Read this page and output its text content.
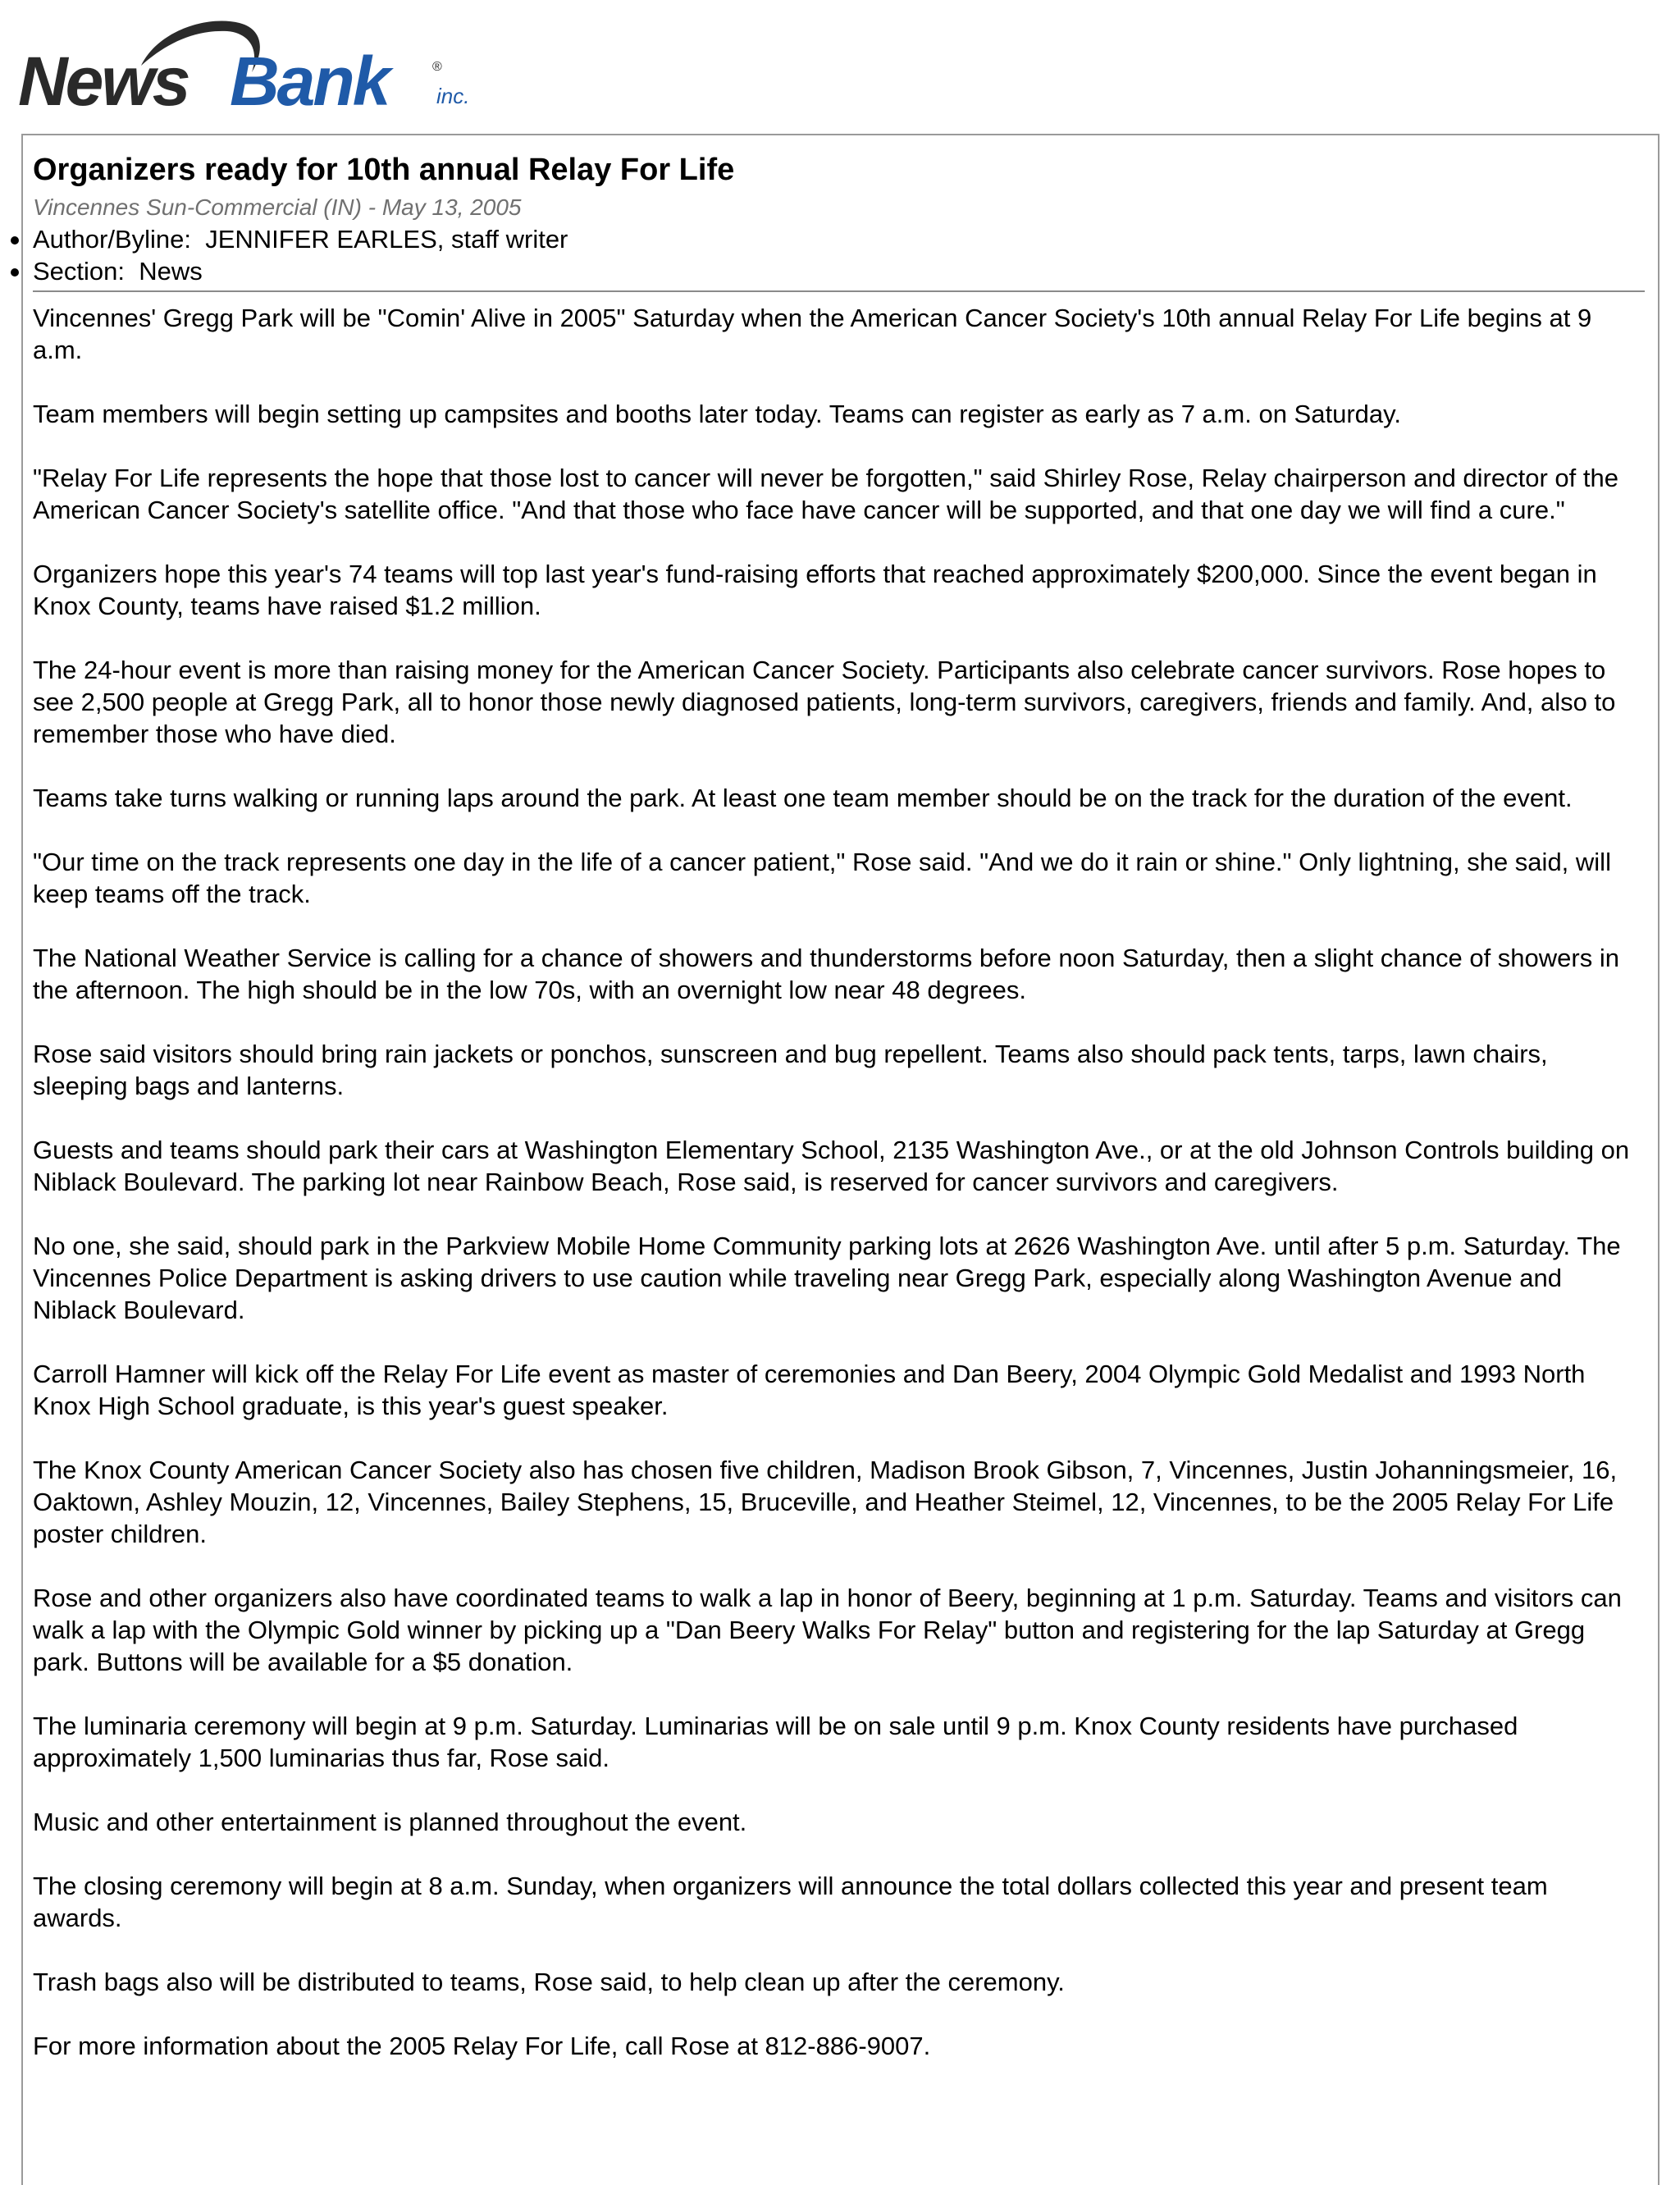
News Bank	®
inc.
Organizers ready for 10th annual Relay For Life
Vincennes Sun-Commercial (IN) - May 13, 2005
Author/Byline: JENNIFER EARLES, staff writer
Section: News

Vincennes' Gregg Park will be "Comin' Alive in 2005" Saturday when the American Cancer Society's 10th annual Relay For Life begins at 9 a.m.

Team members will begin setting up campsites and booths later today. Teams can register as early as 7 a.m. on Saturday.

"Relay For Life represents the hope that those lost to cancer will never be forgotten," said Shirley Rose, Relay chairperson and director of the American Cancer Society's satellite office. "And that those who face have cancer will be supported, and that one day we will find a cure."

Organizers hope this year's 74 teams will top last year's fund-raising efforts that reached approximately $200,000. Since the event began in Knox County, teams have raised $1.2 million.

The 24-hour event is more than raising money for the American Cancer Society. Participants also celebrate cancer survivors. Rose hopes to see 2,500 people at Gregg Park, all to honor those newly diagnosed patients, long-term survivors, caregivers, friends and family. And, also to remember those who have died.

Teams take turns walking or running laps around the park. At least one team member should be on the track for the duration of the event.

"Our time on the track represents one day in the life of a cancer patient," Rose said. "And we do it rain or shine." Only lightning, she said, will keep teams off the track.

The National Weather Service is calling for a chance of showers and thunderstorms before noon Saturday, then a slight chance of showers in the afternoon. The high should be in the low 70s, with an overnight low near 48 degrees.

Rose said visitors should bring rain jackets or ponchos, sunscreen and bug repellent. Teams also should pack tents, tarps, lawn chairs, sleeping bags and lanterns.

Guests and teams should park their cars at Washington Elementary School, 2135 Washington Ave., or at the old Johnson Controls building on Niblack Boulevard. The parking lot near Rainbow Beach, Rose said, is reserved for cancer survivors and caregivers.

No one, she said, should park in the Parkview Mobile Home Community parking lots at 2626 Washington Ave. until after 5 p.m. Saturday. The Vincennes Police Department is asking drivers to use caution while traveling near Gregg Park, especially along Washington Avenue and Niblack Boulevard.

Carroll Hamner will kick off the Relay For Life event as master of ceremonies and Dan Beery, 2004 Olympic Gold Medalist and 1993 North Knox High School graduate, is this year's guest speaker.

The Knox County American Cancer Society also has chosen five children, Madison Brook Gibson, 7, Vincennes, Justin Johanningsmeier, 16, Oaktown, Ashley Mouzin, 12, Vincennes, Bailey Stephens, 15, Bruceville, and Heather Steimel, 12, Vincennes, to be the 2005 Relay For Life poster children.

Rose and other organizers also have coordinated teams to walk a lap in honor of Beery, beginning at 1 p.m. Saturday. Teams and visitors can walk a lap with the Olympic Gold winner by picking up a "Dan Beery Walks For Relay" button and registering for the lap Saturday at Gregg park. Buttons will be available for a $5 donation.

The luminaria ceremony will begin at 9 p.m. Saturday. Luminarias will be on sale until 9 p.m. Knox County residents have purchased approximately 1,500 luminarias thus far, Rose said.

Music and other entertainment is planned throughout the event.

The closing ceremony will begin at 8 a.m. Sunday, when organizers will announce the total dollars collected this year and present team awards.

Trash bags also will be distributed to teams, Rose said, to help clean up after the ceremony.

For more information about the 2005 Relay For Life, call Rose at 812-886-9007.
